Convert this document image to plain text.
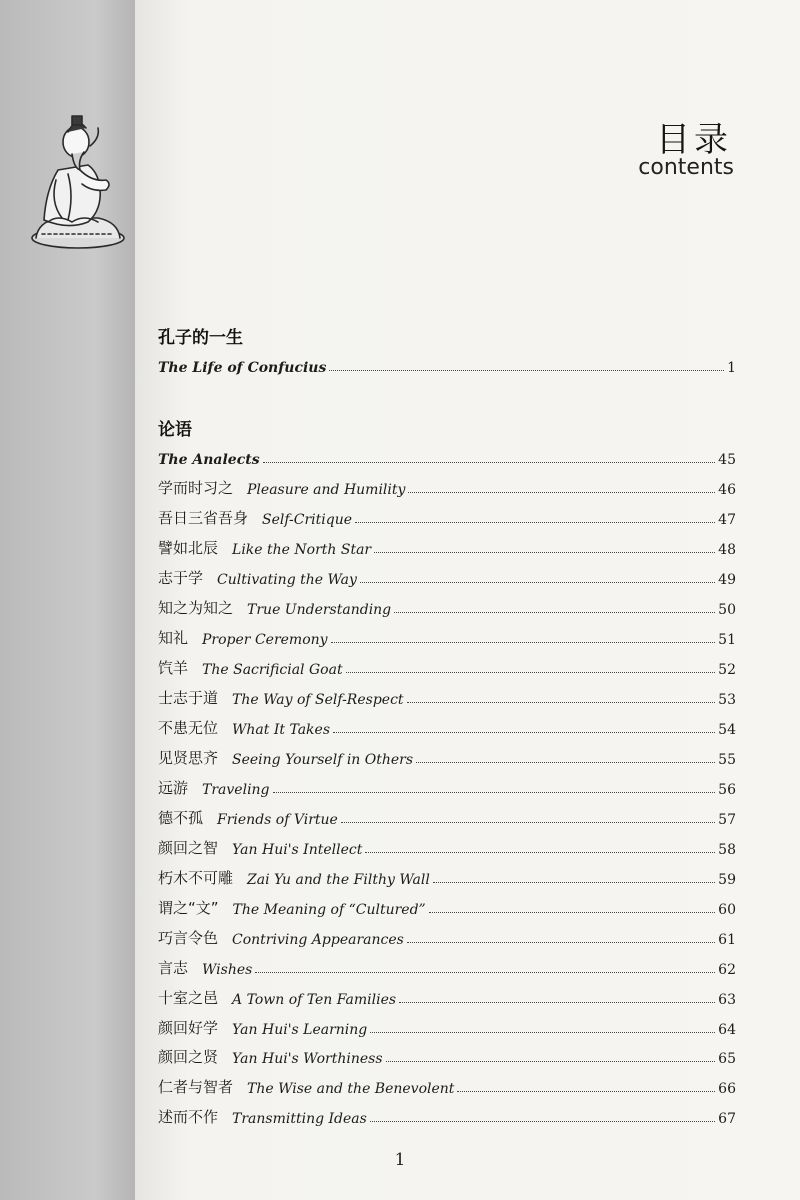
目录
contents
孔子的一生
The Life of Confucius	1
论语
The Analects	45
学而时习之 Pleasure and Humility	46
吾日三省吾身 Self-Critique	47
譬如北辰 Like the North Star	48
志于学 Cultivating the Way	49
知之为知之 True Understanding	50
知礼 Proper Ceremony	51
饩羊 The Sacrificial Goat	52
士志于道 The Way of Self-Respect	53
不患无位 What It Takes	54
见贤思齐 Seeing Yourself in Others	55
远游 Traveling	56
德不孤 Friends of Virtue	57
颜回之智 Yan Hui's Intellect	58
朽木不可雕 Zai Yu and the Filthy Wall	59
谓之“文” The Meaning of “Cultured”	60
巧言令色 Contriving Appearances	61
言志 Wishes	62
十室之邑 A Town of Ten Families	63
颜回好学 Yan Hui's Learning	64
颜回之贤 Yan Hui's Worthiness	65
仁者与智者 The Wise and the Benevolent	66
述而不作 Transmitting Ideas	67
1
